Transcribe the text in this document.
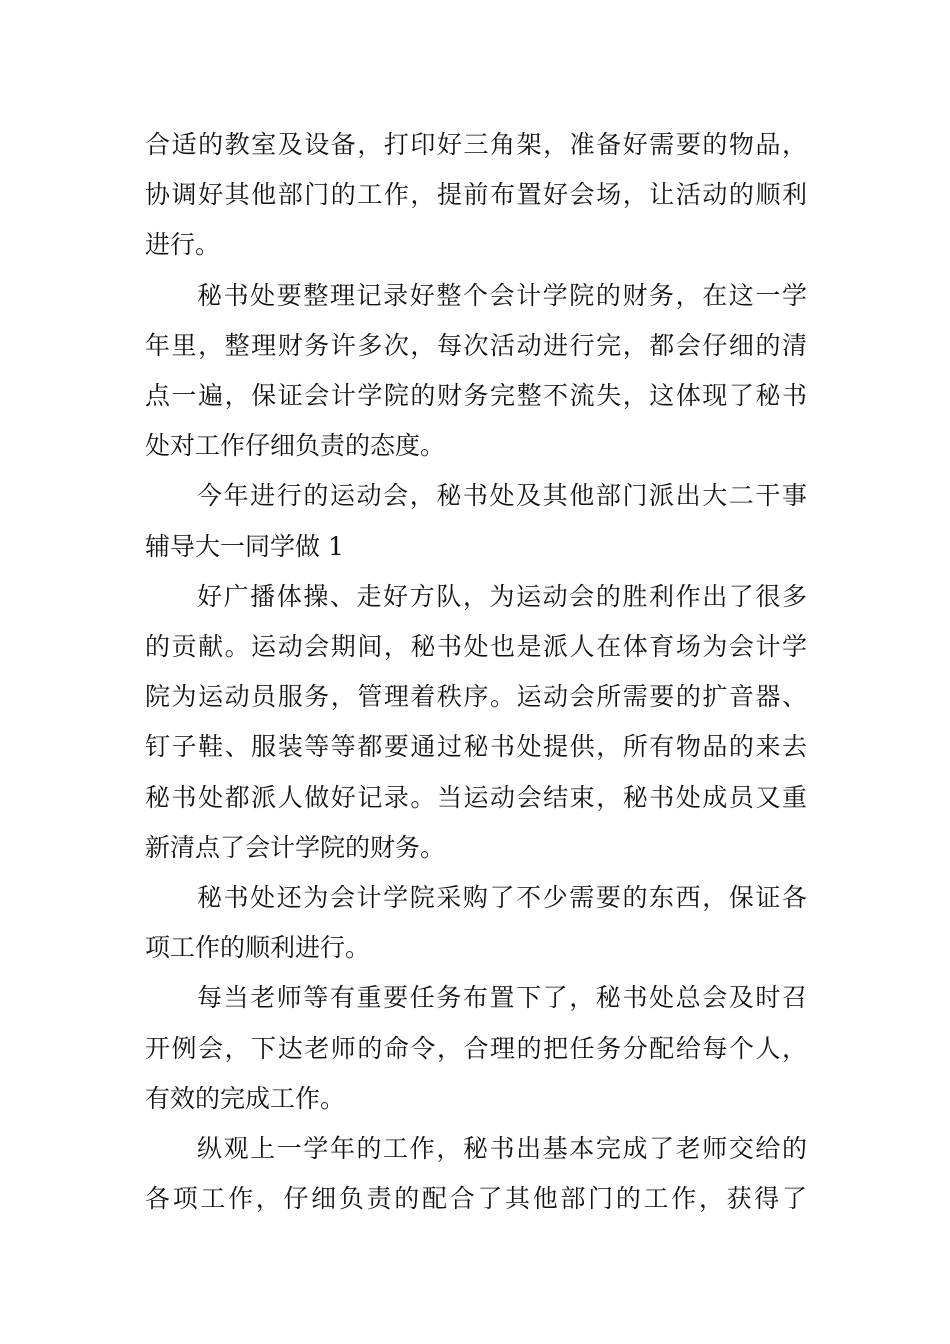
合适的教室及设备，打印好三角架，准备好需要的物品，
协调好其他部门的工作，提前布置好会场，让活动的顺利
进行。
秘书处要整理记录好整个会计学院的财务，在这一学
年里，整理财务许多次，每次活动进行完，都会仔细的清
点一遍，保证会计学院的财务完整不流失，这体现了秘书
处对工作仔细负责的态度。
今年进行的运动会，秘书处及其他部门派出大二干事
辅导大一同学做 1
好广播体操、走好方队，为运动会的胜利作出了很多
的贡献。运动会期间，秘书处也是派人在体育场为会计学
院为运动员服务，管理着秩序。运动会所需要的扩音器、
钉子鞋、服装等等都要通过秘书处提供，所有物品的来去
秘书处都派人做好记录。当运动会结束，秘书处成员又重
新清点了会计学院的财务。
秘书处还为会计学院采购了不少需要的东西，保证各
项工作的顺利进行。
每当老师等有重要任务布置下了，秘书处总会及时召
开例会，下达老师的命令，合理的把任务分配给每个人，
有效的完成工作。
纵观上一学年的工作，秘书出基本完成了老师交给的
各项工作，仔细负责的配合了其他部门的工作，获得了
